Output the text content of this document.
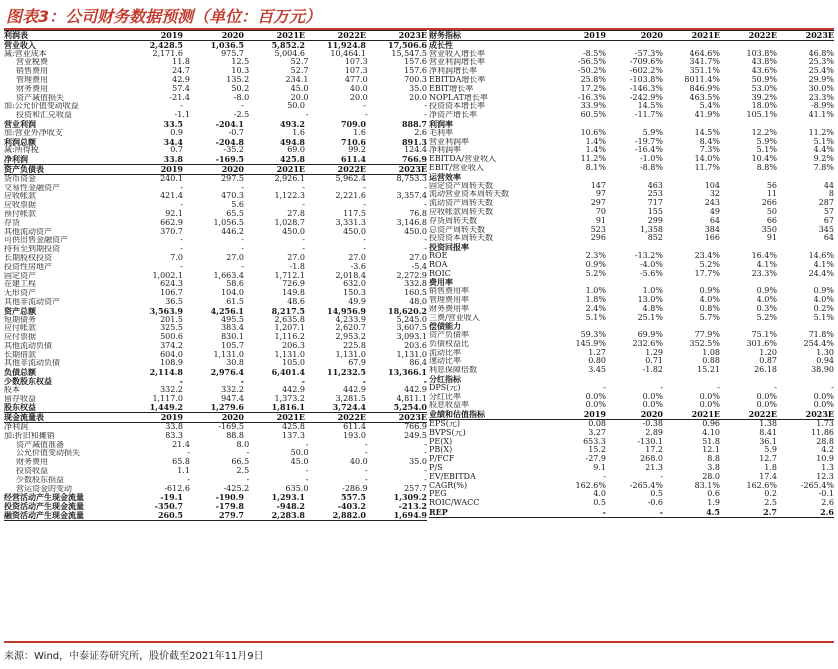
图表3：公司财务数据预测（单位：百万元）
利润表	2019	2020	2021E	2022E	2023E
营业收入	2,428.5	1,036.5	5,852.2	11,924.8	17,506.6
减:营业成本	2,171.6	975.7	5,004.6	10,464.1	15,547.5
营业税费	11.8	12.5	52.7	107.3	157.6
销售费用	24.7	10.3	52.7	107.3	157.6
管理费用	42.9	135.2	234.1	477.0	700.3
财务费用	57.4	50.2	45.0	40.0	35.0
资产减值损失	-21.4	-8.0	20.0	20.0	20.0
加:公允价值变动收益	-	-	50.0	-	-
投资和汇兑收益	-1.1	-2.5	-	-	-
营业利润	33.5	-204.1	493.2	709.0	888.7
加:营业外净收支	0.9	-0.7	1.6	1.6	2.6
利润总额	34.4	-204.8	494.8	710.6	891.3
减:所得税	0.7	-35.2	69.0	99.2	124.4
净利润	33.8	-169.5	425.8	611.4	766.9
资产负债表	2019	2020	2021E	2022E	2023E
货币资金	240.1	297.5	2,926.1	5,962.4	8,753.3
交易性金融资产	-	-	-	-	-
应收帐款	421.4	470.3	1,122.3	2,221.6	3,357.4
应收票据	-	5.6	-	-	-
预付帐款	92.1	65.5	27.8	117.5	76.8
存货	662.9	1,056.5	1,028.7	3,331.3	3,146.8
其他流动资产	370.7	446.2	450.0	450.0	450.0
可供出售金融资产	-	-	-	-	-
持有至到期投资	-	-	-	-	-
长期股权投资	7.0	27.0	27.0	27.0	27.0
投资性房地产	-	-	-1.8	-3.6	-5.4
固定资产	1,002.1	1,663.4	1,712.1	2,018.4	2,272.9
在建工程	624.3	58.6	726.9	632.0	332.8
无形资产	106.7	104.0	149.8	150.3	160.5
其他非流动资产	36.5	61.5	48.6	49.9	48.0
资产总额	3,563.9	4,256.1	8,217.5	14,956.9	18,620.2
短期债务	201.5	495.5	2,635.8	4,233.9	5,245.0
应付帐款	325.5	383.4	1,207.1	2,620.7	3,607.5
应付票据	500.6	830.1	1,116.2	2,953.2	3,093.1
其他流动负债	374.2	105.7	206.3	225.8	203.6
长期借款	604.0	1,131.0	1,131.0	1,131.0	1,131.0
其他非流动负债	108.9	30.8	105.0	67.9	86.4
负债总额	2,114.8	2,976.4	6,401.4	11,232.5	13,366.1
少数股东权益	-	-	-	-	-
股本	332.2	332.2	442.9	442.9	442.9
留存收益	1,117.0	947.4	1,373.2	3,281.5	4,811.1
股东权益	1,449.2	1,279.6	1,816.1	3,724.4	5,254.0
现金流量表	2019	2020	2021E	2022E	2023E
净利润	33.8	-169.5	425.8	611.4	766.9
加:折旧和摊销	83.3	88.8	137.3	193.0	249.5
资产减值准备	21.4	8.0	-	-	-
公允价值变动损失	-	-	50.0	-	-
财务费用	65.8	66.5	45.0	40.0	35.0
投资收益	1.1	2.5	-	-	-
少数股东损益	-	-	-	-	-
营运资金的变动	-612.6	-425.2	635.0	-286.9	257.7
经营活动产生现金流量	-19.1	-190.9	1,293.1	557.5	1,309.2
投资活动产生现金流量	-350.7	-179.8	-948.2	-403.2	-213.2
融资活动产生现金流量	260.5	279.7	2,283.8	2,882.0	1,694.9
财务指标	2019	2020	2021E	2022E	2023E
成长性
营业收入增长率	-8.5%	-57.3%	464.6%	103.8%	46.8%
营业利润增长率	-56.5%	-709.6%	341.7%	43.8%	25.3%
净利润增长率	-50.2%	-602.2%	351.1%	43.6%	25.4%
EBITDA增长率	25.8%	-103.8%	8011.4%	50.9%	29.9%
EBIT增长率	17.2%	-146.3%	846.9%	53.0%	30.0%
NOPLAT增长率	-16.3%	-242.9%	463.5%	39.2%	23.3%
投资资本增长率	33.9%	14.5%	5.4%	18.0%	-8.9%
净资产增长率	60.5%	-11.7%	41.9%	105.1%	41.1%
利润率
毛利率	10.6%	5.9%	14.5%	12.2%	11.2%
营业利润率	1.4%	-19.7%	8.4%	5.9%	5.1%
净利润率	1.4%	-16.4%	7.3%	5.1%	4.4%
EBITDA/营业收入	11.2%	-1.0%	14.0%	10.4%	9.2%
EBIT/营业收入	8.1%	-8.8%	11.7%	8.8%	7.8%
运营效率
固定资产周转天数	147	463	104	56	44
流动营业资本周转天数	97	253	32	11	8
流动资产周转天数	297	717	243	266	287
应收帐款周转天数	70	155	49	50	57
存货周转天数	91	299	64	66	67
总资产周转天数	523	1,358	384	350	345
投资资本周转天数	296	852	166	91	64
投资回报率
ROE	2.3%	-13.2%	23.4%	16.4%	14.6%
ROA	0.9%	-4.0%	5.2%	4.1%	4.1%
ROIC	5.2%	-5.6%	17.7%	23.3%	24.4%
费用率
销售费用率	1.0%	1.0%	0.9%	0.9%	0.9%
管理费用率	1.8%	13.0%	4.0%	4.0%	4.0%
财务费用率	2.4%	4.8%	0.8%	0.3%	0.2%
三费/营业收入	5.1%	25.1%	5.7%	5.2%	5.1%
偿债能力
资产负债率	59.3%	69.9%	77.9%	75.1%	71.8%
负债权益比	145.9%	232.6%	352.5%	301.6%	254.4%
流动比率	1.27	1.29	1.08	1.20	1.30
速动比率	0.80	0.71	0.88	0.87	0.94
利息保障倍数	3.45	-1.82	15.21	26.18	38.90
分红指标
DPS(元)	-	-	-	-	-
分红比率	0.0%	0.0%	0.0%	0.0%	0.0%
股息收益率	0.0%	0.0%	0.0%	0.0%	0.0%
业绩和估值指标	2019	2020	2021E	2022E	2023E
EPS(元)	0.08	-0.38	0.96	1.38	1.73
BVPS(元)	3.27	2.89	4.10	8.41	11.86
PE(X)	653.3	-130.1	51.8	36.1	28.8
PB(X)	15.2	17.2	12.1	5.9	4.2
P/FCF	-27.9	268.0	8.8	12.7	10.9
P/S	9.1	21.3	3.8	1.8	1.3
EV/EBITDA	-	-	28.0	17.4	12.3
CAGR(%)	162.6%	-265.4%	83.1%	162.6%	-265.4%
PEG	4.0	0.5	0.6	0.2	-0.1
ROIC/WACC	0.5	-0.6	1.9	2.5	2.6
REP	-	-	4.5	2.7	2.6
来源：Wind，中泰证券研究所，股价截至2021年11月9日
